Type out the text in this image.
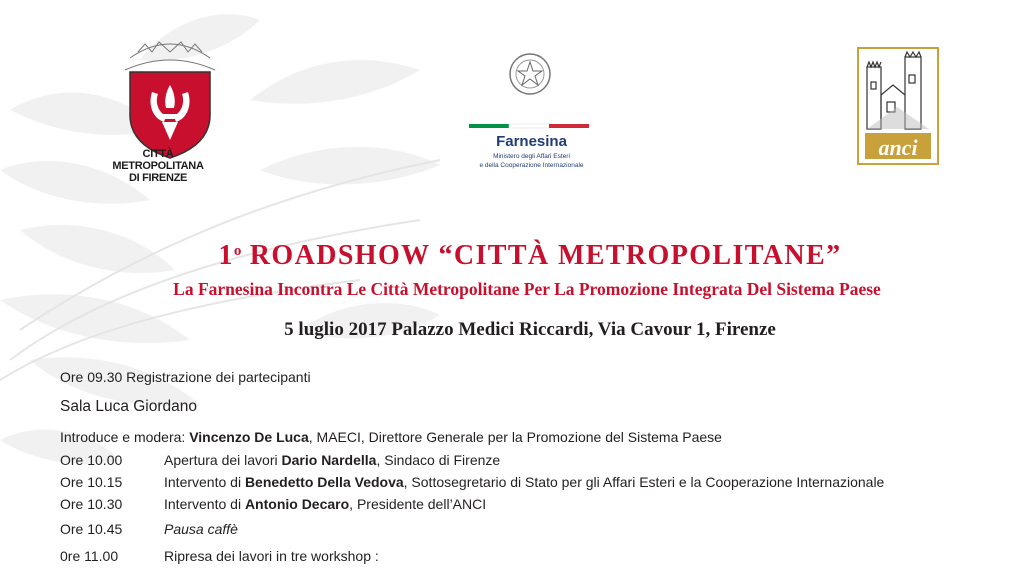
CITTÀ METROPOLITANA
DI FIRENZE
Farnesina
Ministero degli Affari Esteri
e della Cooperazione Internazionale
anci
1$^o$ ROADSHOW “CITTÀ METROPOLITANE”
La Farnesina Incontra Le Città Metropolitane Per La Promozione Integrata Del Sistema Paese
5 luglio 2017 Palazzo Medici Riccardi, Via Cavour 1, Firenze
Ore 09.30 Registrazione dei partecipanti
Sala Luca Giordano
Introduce e modera: Vincenzo De Luca, MAECI, Direttore Generale per la Promozione del Sistema Paese
Ore 10.00	Apertura dei lavori Dario Nardella, Sindaco di Firenze
Ore 10.15	Intervento di Benedetto Della Vedova, Sottosegretario di Stato per gli Affari Esteri e la Cooperazione Internazionale
Ore 10.30	Intervento di Antonio Decaro, Presidente dell’ANCI
Ore 10.45	Pausa caffè
0re 11.00	Ripresa dei lavori in tre workshop :
